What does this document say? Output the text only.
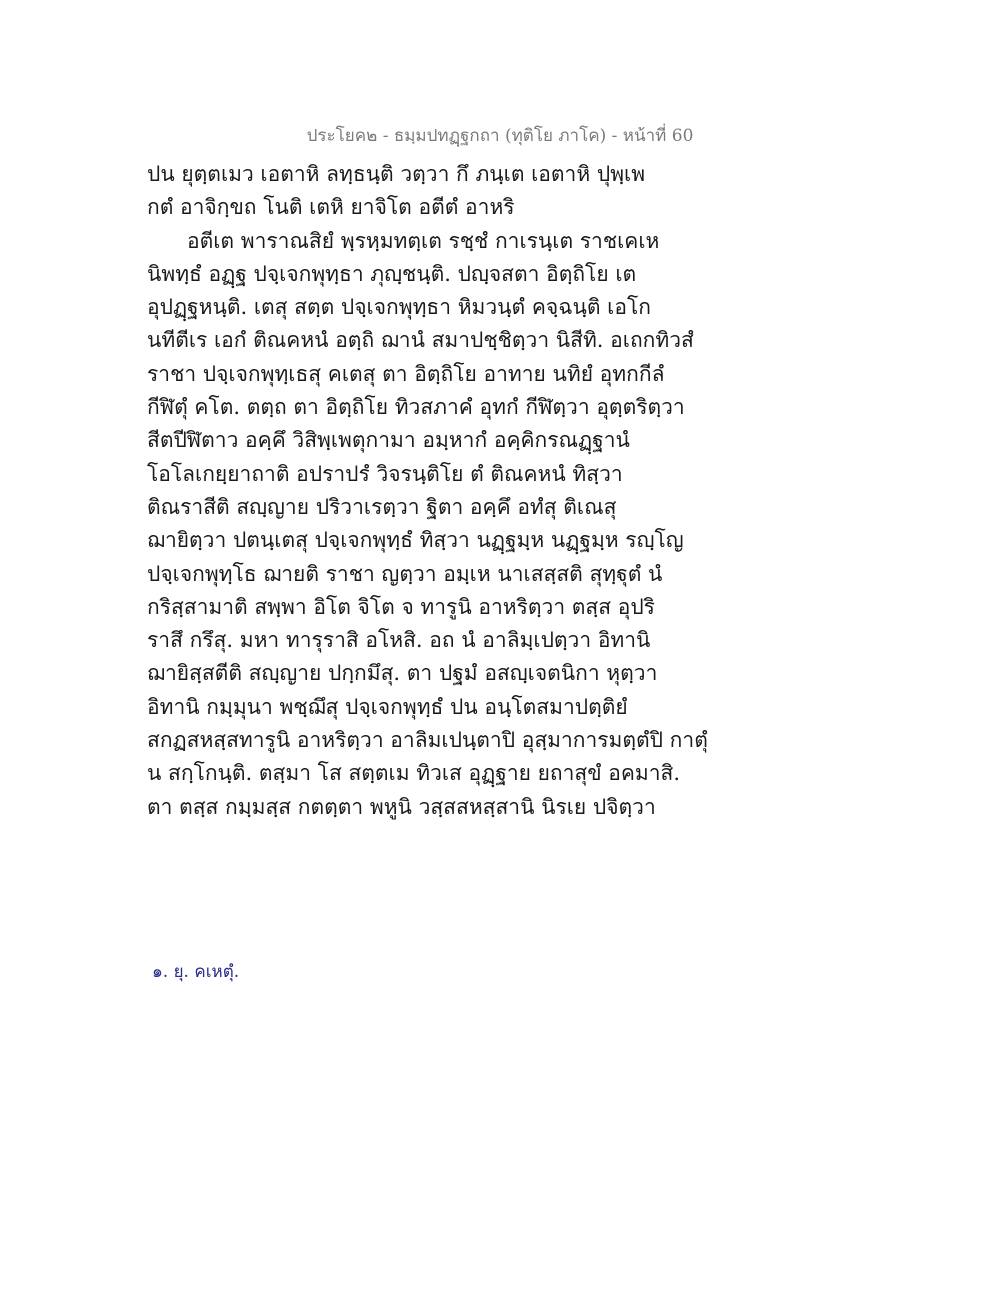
ประโยค๒ - ธมฺมปทฏฺฐกถา (ทุติโย ภาโค) - หน้าที่ 60
ปน ยุตฺตเมว เอตาหิ ลทฺธนฺติ วตฺวา กึ ภนฺเต เอตาหิ ปุพฺเพ
กตํ อาจิกฺขถ โนติ เตหิ ยาจิโต อตีตํ อาหริ
อตีเต พาราณสิยํ พฺรหฺมทตฺเต รชฺชํ กาเรนฺเต ราชเคเห
นิพทฺธํ อฏฺฐ ปจฺเจกพุทฺธา ภุญฺชนฺติ. ปญฺจสตา อิตฺถิโย เต
อุปฏฺฐหนฺติ. เตสุ สตฺต ปจฺเจกพุทฺธา หิมวนฺตํ คจฺฉนฺติ เอโก
นทีตีเร เอกํ ติณคหนํ อตฺถิ ฌานํ สมาปชฺชิตฺวา นิสีทิ. อเถกทิวสํ
ราชา ปจฺเจกพุทฺเธสุ คเตสุ ตา อิตฺถิโย อาทาย นทิยํ อุทกกีลํ
กีฬิตุํ คโต. ตตฺถ ตา อิตฺถิโย ทิวสภาคํ อุทกํ กีฬิตฺวา อุตฺตริตฺวา
สีตปีฬิตาว อคฺคึ วิสิพฺเพตุกามา อมฺหากํ อคฺคิกรณฏฺฐานํ
โอโลเกยฺยาถาติ อปราปรํ วิจรนฺติโย ตํ ติณคหนํ ทิสฺวา
ติณราสีติ สญฺญาย ปริวาเรตฺวา ฐิตา อคฺคึ อทํสุ ติเณสุ
ฌายิตฺวา ปตนฺเตสุ ปจฺเจกพุทฺธํ ทิสฺวา นฏฺฐมฺห นฏฺฐมฺห รญฺโญ
ปจฺเจกพุทฺโธ ฌายติ ราชา ญตฺวา อมฺเห นาเสสฺสติ สุทฺฐุตํ นํ
กริสฺสามาติ สพฺพา อิโต จิโต จ ทารูนิ อาหริตฺวา ตสฺส อุปริ
ราสึ กรึสุ. มหา ทารุราสิ อโหสิ. อถ นํ อาลิมฺเปตฺวา อิทานิ
ฌายิสฺสตีติ สญฺญาย ปกฺกมึสุ. ตา ปฐมํ อสญฺเจตนิกา หุตฺวา
อิทานิ กมฺมุนา พชฺฌึสุ ปจฺเจกพุทฺธํ ปน อนฺโตสมาปตฺติยํ
สกฏสหสฺสทารูนิ อาหริตฺวา อาลิมเปนฺตาปิ อุสฺมาการมตฺตํปิ กาตุํ
น สกฺโกนฺติ. ตสฺมา โส สตฺตเม ทิวเส อุฏฺฐาย ยถาสุขํ อคมาสิ.
ตา ตสฺส กมฺมสฺส กตตฺตา พหูนิ วสฺสสหสฺสานิ นิรเย ปจิตฺวา
๑. ยุ. คเหตุํ.
